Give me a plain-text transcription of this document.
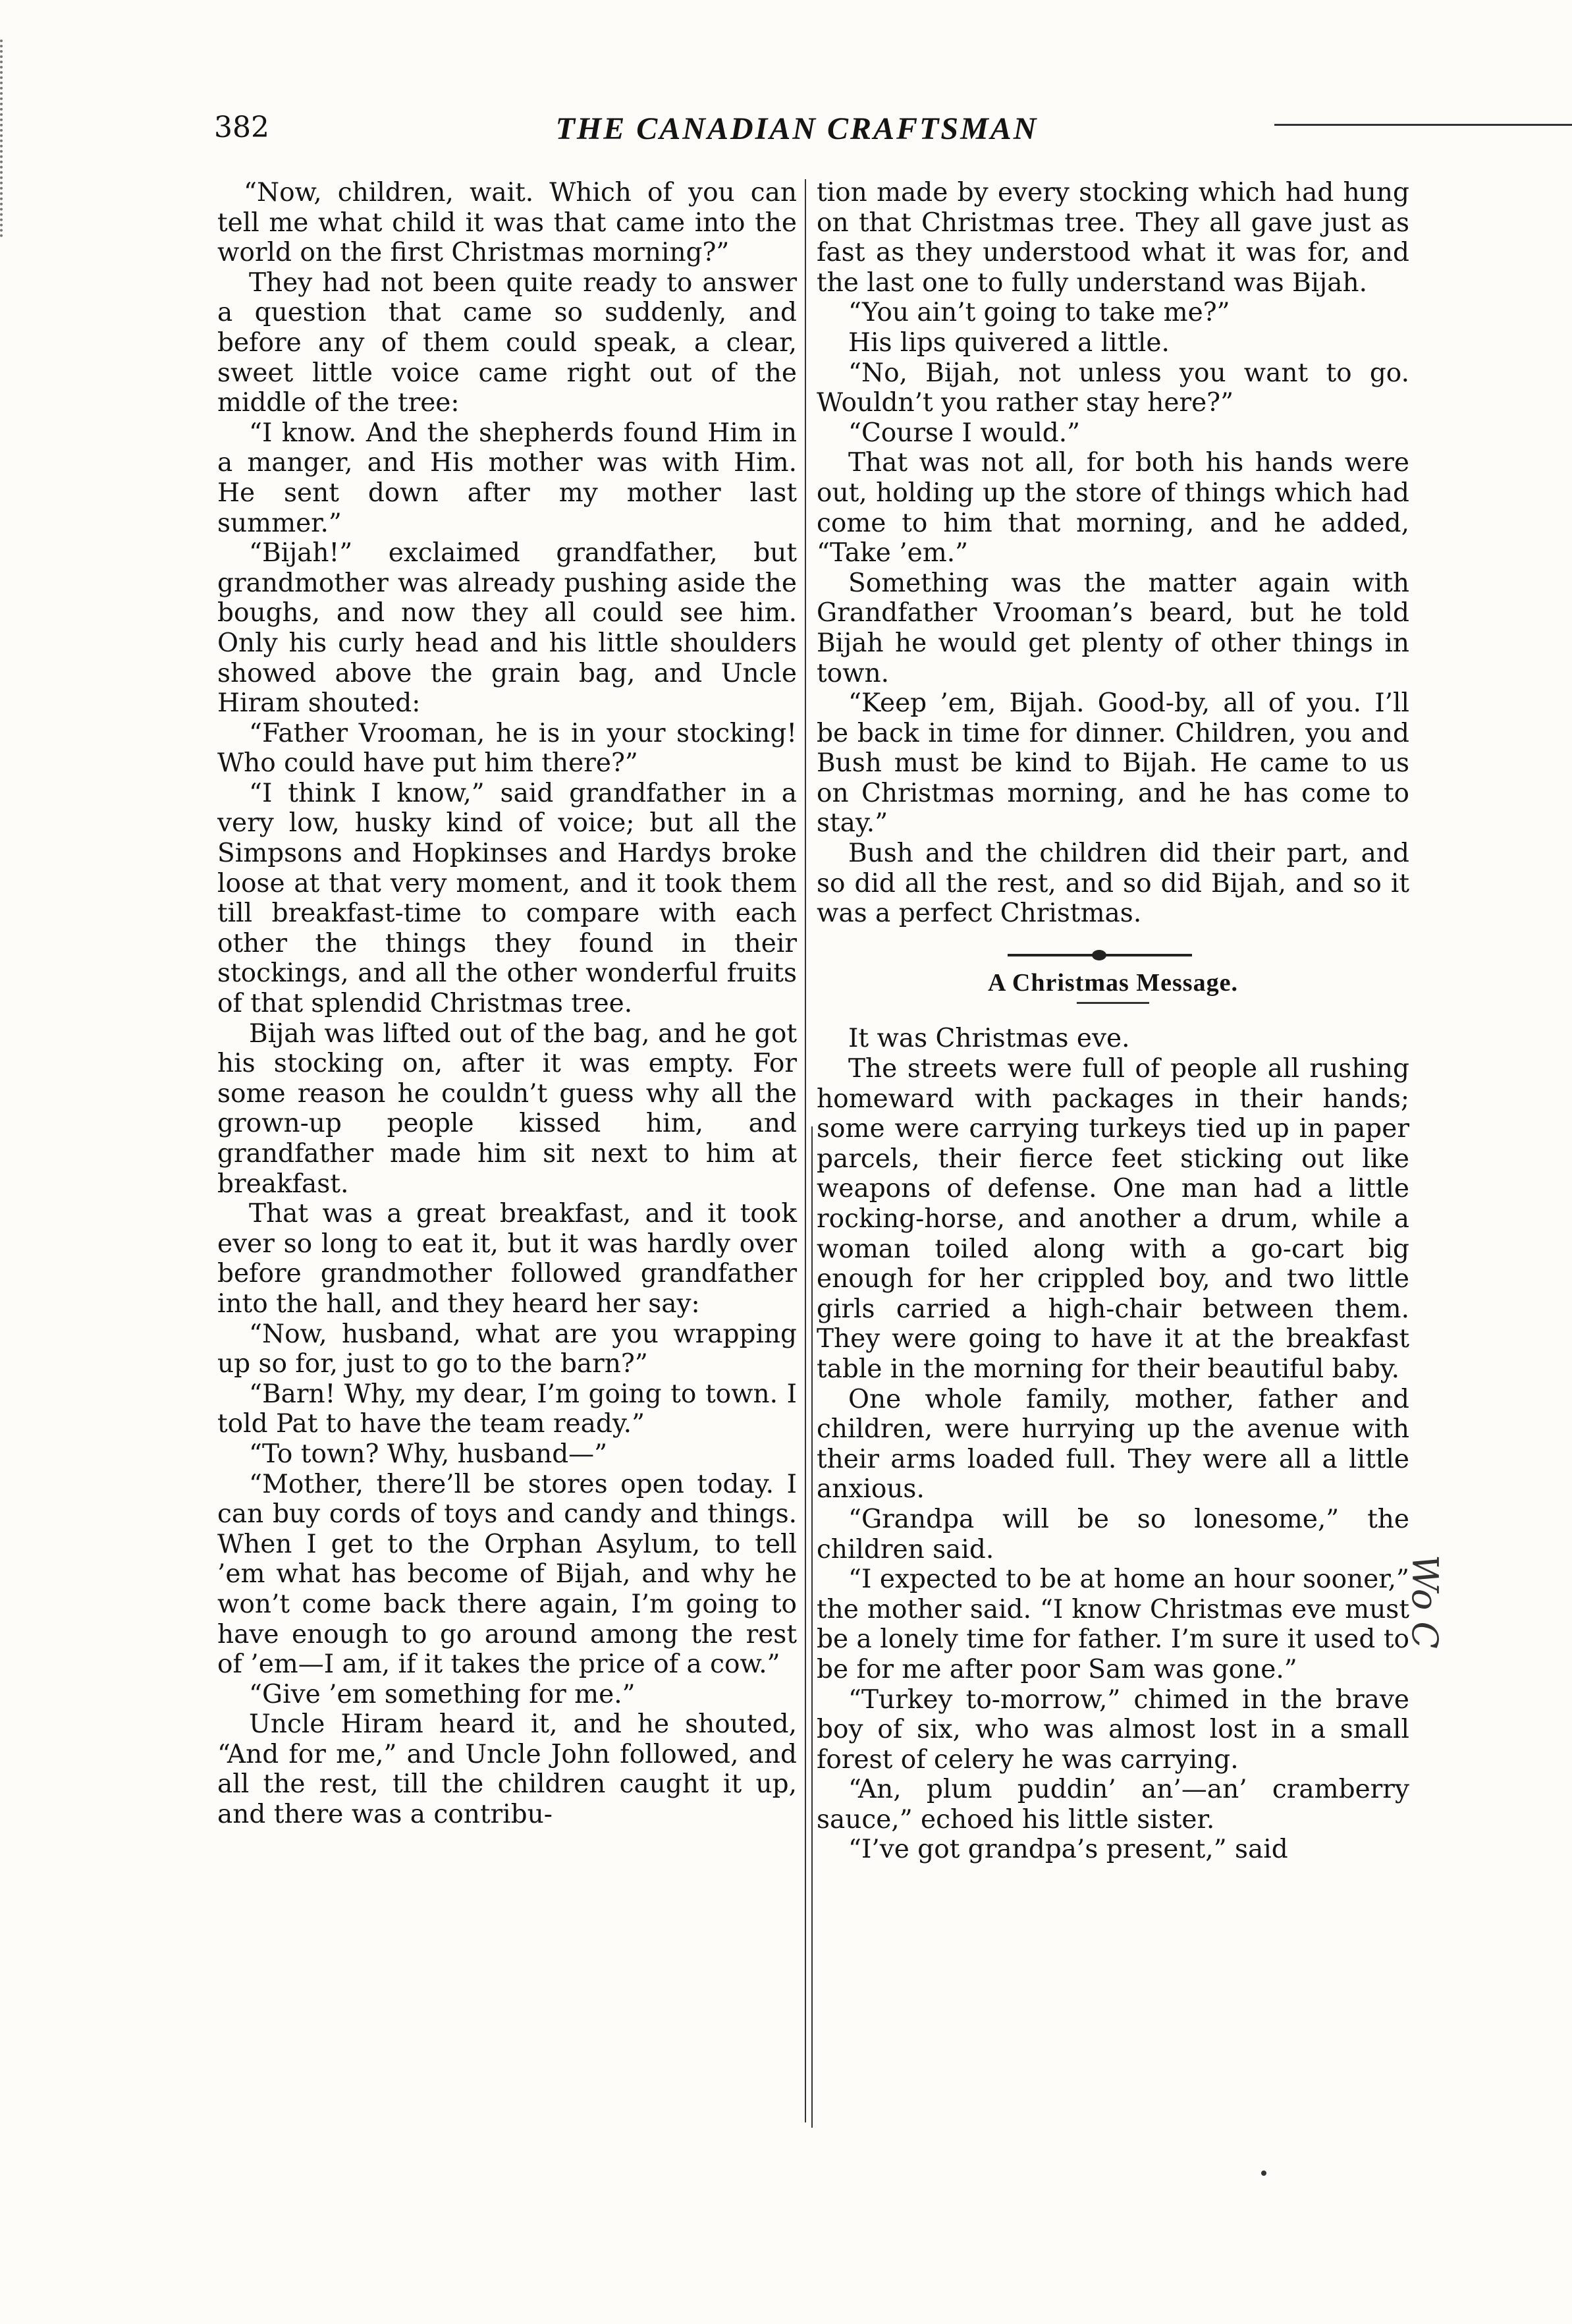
382	THE CANADIAN CRAFTSMAN

“Now, children, wait. Which of you can tell me what child it was that came into the world on the first Christmas morning?”

They had not been quite ready to answer a question that came so suddenly, and before any of them could speak, a clear, sweet little voice came right out of the middle of the tree:

“I know. And the shepherds found Him in a manger, and His mother was with Him. He sent down after my mother last summer.”

“Bijah!” exclaimed grandfather, but grandmother was already pushing aside the boughs, and now they all could see him. Only his curly head and his little shoulders showed above the grain bag, and Uncle Hiram shouted:

“Father Vrooman, he is in your stocking! Who could have put him there?”

“I think I know,” said grandfather in a very low, husky kind of voice; but all the Simpsons and Hopkinses and Hardys broke loose at that very moment, and it took them till breakfast-time to compare with each other the things they found in their stockings, and all the other wonderful fruits of that splendid Christmas tree.

Bijah was lifted out of the bag, and he got his stocking on, after it was empty. For some reason he couldn’t guess why all the grown-up people kissed him, and grandfather made him sit next to him at breakfast.

That was a great breakfast, and it took ever so long to eat it, but it was hardly over before grandmother followed grandfather into the hall, and they heard her say:

“Now, husband, what are you wrapping up so for, just to go to the barn?”

“Barn! Why, my dear, I’m going to town. I told Pat to have the team ready.”

“To town? Why, husband—”

“Mother, there’ll be stores open today. I can buy cords of toys and candy and things. When I get to the Orphan Asylum, to tell ’em what has become of Bijah, and why he won’t come back there again, I’m going to have enough to go around among the rest of ’em—I am, if it takes the price of a cow.”

“Give ’em something for me.”

Uncle Hiram heard it, and he shouted, “And for me,” and Uncle John followed, and all the rest, till the children caught it up, and there was a contribu-

tion made by every stocking which had hung on that Christmas tree. They all gave just as fast as they understood what it was for, and the last one to fully understand was Bijah.

“You ain’t going to take me?”

His lips quivered a little.

“No, Bijah, not unless you want to go. Wouldn’t you rather stay here?”

“Course I would.”

That was not all, for both his hands were out, holding up the store of things which had come to him that morning, and he added, “Take ’em.”

Something was the matter again with Grandfather Vrooman’s beard, but he told Bijah he would get plenty of other things in town.

“Keep ’em, Bijah. Good-by, all of you. I’ll be back in time for dinner. Children, you and Bush must be kind to Bijah. He came to us on Christmas morning, and he has come to stay.”

Bush and the children did their part, and so did all the rest, and so did Bijah, and so it was a perfect Christmas.

A Christmas Message.

It was Christmas eve.

The streets were full of people all rushing homeward with packages in their hands; some were carrying turkeys tied up in paper parcels, their fierce feet sticking out like weapons of defense. One man had a little rocking-horse, and another a drum, while a woman toiled along with a go-cart big enough for her crippled boy, and two little girls carried a high-chair between them. They were going to have it at the breakfast table in the morning for their beautiful baby.

One whole family, mother, father and children, were hurrying up the avenue with their arms loaded full. They were all a little anxious.

“Grandpa will be so lonesome,” the children said.

“I expected to be at home an hour sooner,” the mother said. “I know Christmas eve must be a lonely time for father. I’m sure it used to be for me after poor Sam was gone.”

“Turkey to-morrow,” chimed in the brave boy of six, who was almost lost in a small forest of celery he was carrying.

“An, plum puddin’ an’—an’ cramberry sauce,” echoed his little sister.

“I’ve got grandpa’s present,” said

Wo C
